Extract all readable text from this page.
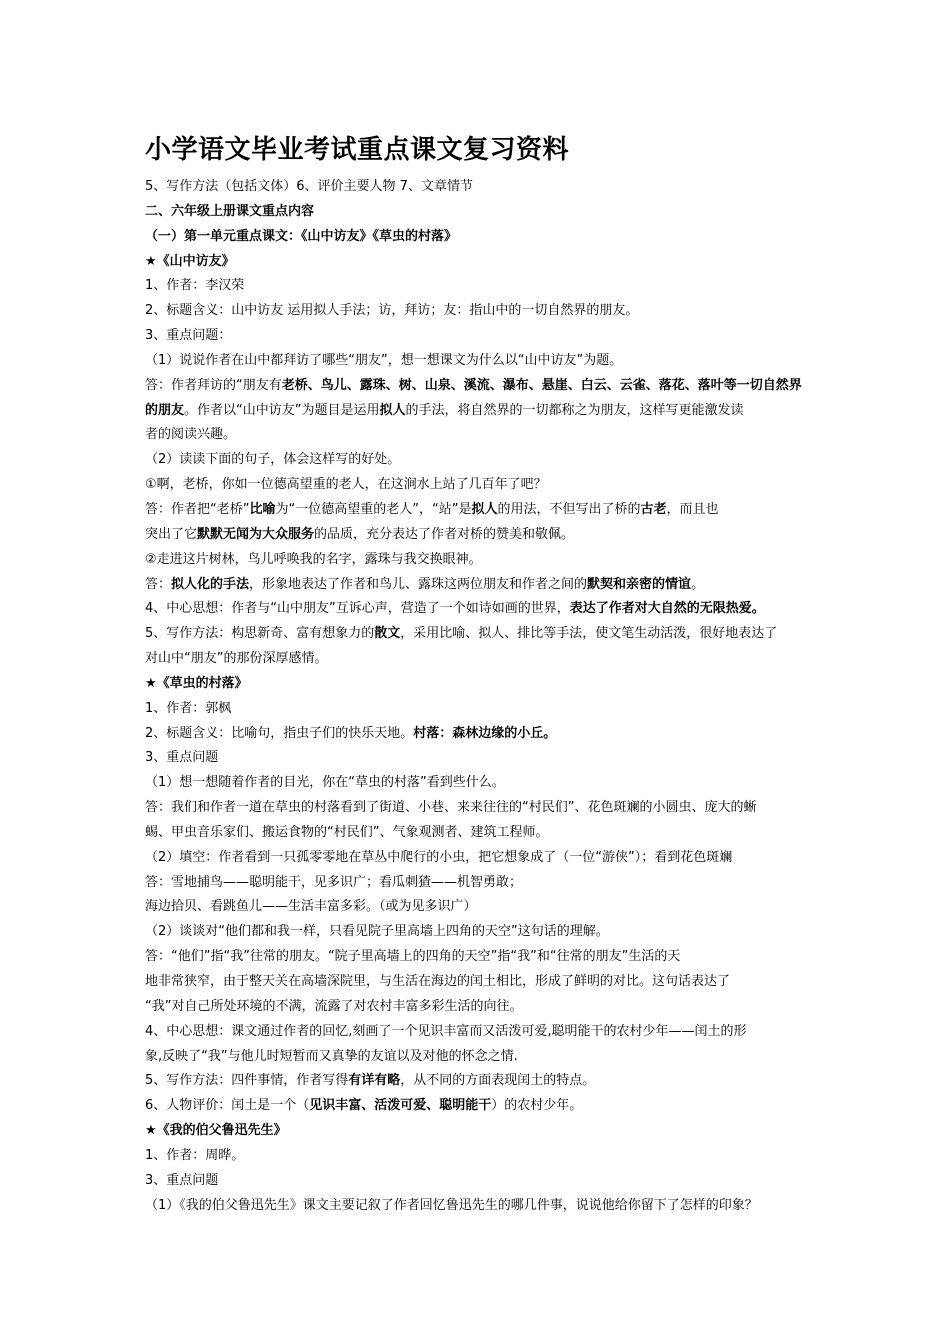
小学语文毕业考试重点课文复习资料
5、写作方法（包括文体）6、评价主要人物 7、文章情节
二、六年级上册课文重点内容
（一）第一单元重点课文：《山中访友》《草虫的村落》
★《山中访友》
1、作者：李汉荣
2、标题含义：山中访友 运用拟人手法；访，拜访；友：指山中的一切自然界的朋友。
3、重点问题：
（1）说说作者在山中都拜访了哪些“朋友”，想一想课文为什么以“山中访友”为题。
答：作者拜访的“朋友有老桥、鸟儿、露珠、树、山泉、溪流、瀑布、悬崖、白云、云雀、落花、落叶等一切自然界
的朋友。作者以“山中访友”为题目是运用拟人的手法，将自然界的一切都称之为朋友，这样写更能激发读
者的阅读兴趣。
（2）读读下面的句子，体会这样写的好处。
①啊，老桥，你如一位德高望重的老人，在这涧水上站了几百年了吧？
答：作者把“老桥”比喻为“一位德高望重的老人”，“站”是拟人的用法，不但写出了桥的古老，而且也
突出了它默默无闻为大众服务的品质，充分表达了作者对桥的赞美和敬佩。
②走进这片树林，鸟儿呼唤我的名字，露珠与我交换眼神。
答：拟人化的手法，形象地表达了作者和鸟儿、露珠这两位朋友和作者之间的默契和亲密的情谊。
4、中心思想：作者与“山中朋友”互诉心声，营造了一个如诗如画的世界，表达了作者对大自然的无限热爱。
5、写作方法：构思新奇、富有想象力的散文，采用比喻、拟人、排比等手法，使文笔生动活泼，很好地表达了
对山中“朋友”的那份深厚感情。
★《草虫的村落》
1、作者：郭枫
2、标题含义：比喻句，指虫子们的快乐天地。村落：森林边缘的小丘。
3、重点问题
（1）想一想随着作者的目光，你在“草虫的村落”看到些什么。
答：我们和作者一道在草虫的村落看到了街道、小巷、来来往往的“村民们”、花色斑斓的小圆虫、庞大的蜥
蜴、甲虫音乐家们、搬运食物的“村民们”、气象观测者、建筑工程师。
（2）填空：作者看到一只孤零零地在草丛中爬行的小虫，把它想象成了（一位“游侠”）；看到花色斑斓
答：雪地捕鸟——聪明能干，见多识广；看瓜刺猹——机智勇敢；
海边拾贝、看跳鱼儿——生活丰富多彩。（或为见多识广）
（2）谈谈对“他们都和我一样，只看见院子里高墙上四角的天空”这句话的理解。
答：“他们”指“我”往常的朋友。“院子里高墙上的四角的天空”指“我”和“往常的朋友”生活的天
地非常狭窄，由于整天关在高墙深院里，与生活在海边的闰土相比，形成了鲜明的对比。这句话表达了
“我”对自己所处环境的不满，流露了对农村丰富多彩生活的向往。
4、中心思想：课文通过作者的回忆,刻画了一个见识丰富而又活泼可爱,聪明能干的农村少年——闰土的形
象,反映了“我”与他儿时短暂而又真挚的友谊以及对他的怀念之情.
5、写作方法：四件事情，作者写得有详有略，从不同的方面表现闰土的特点。
6、人物评价：闰土是一个（见识丰富、活泼可爱、聪明能干）的农村少年。
★《我的伯父鲁迅先生》
1、作者：周晔。
3、重点问题
（1）《我的伯父鲁迅先生》课文主要记叙了作者回忆鲁迅先生的哪几件事，说说他给你留下了怎样的印象？
